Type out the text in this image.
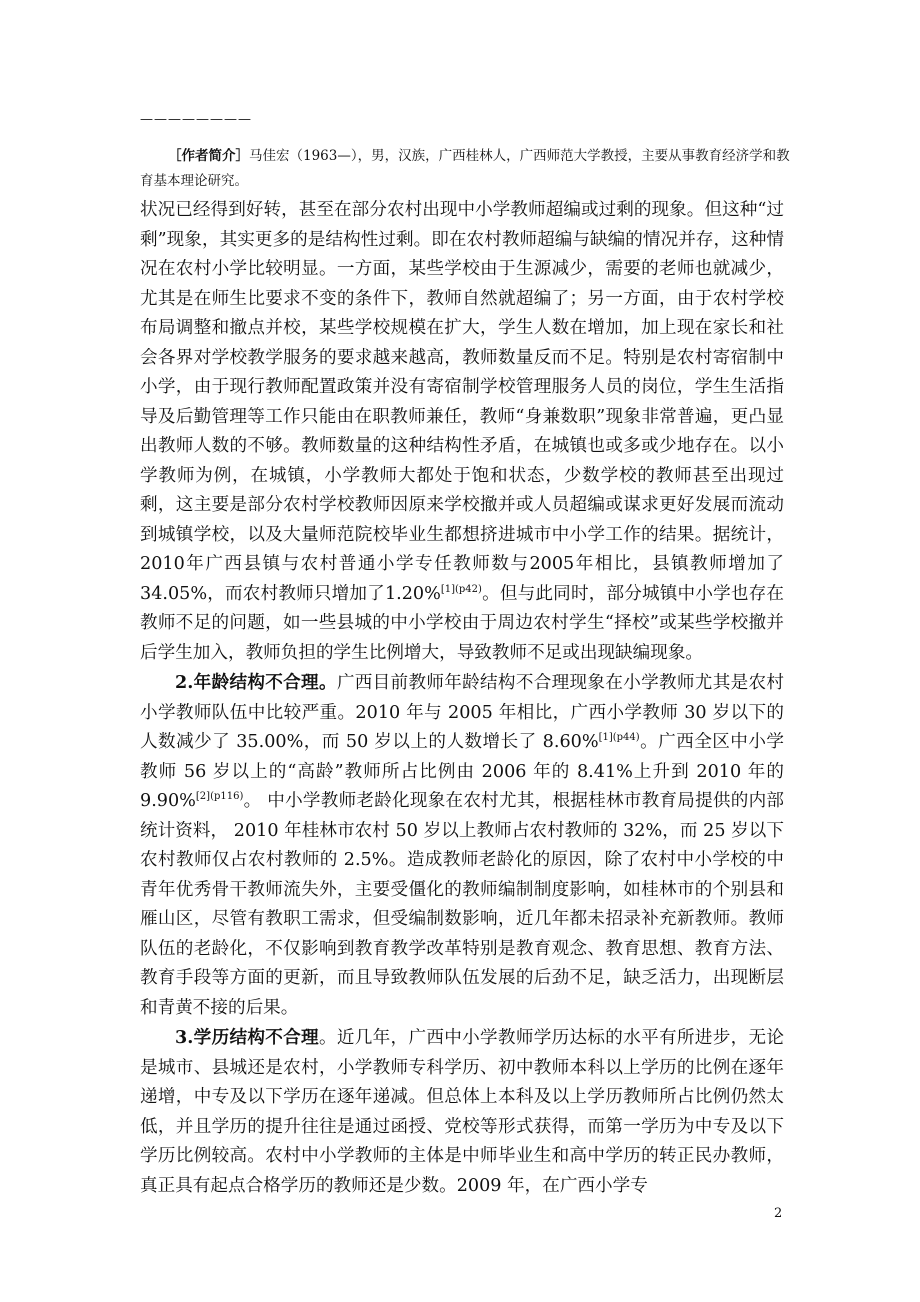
————————
［作者简介］马佳宏（1963—），男，汉族，广西桂林人，广西师范大学教授，主要从事教育经济学和教育基本理论研究。

状况已经得到好转，甚至在部分农村出现中小学教师超编或过剩的现象。但这种“过剩”现象，其实更多的是结构性过剩。即在农村教师超编与缺编的情况并存，这种情况在农村小学比较明显。一方面，某些学校由于生源减少，需要的老师也就减少，尤其是在师生比要求不变的条件下，教师自然就超编了；另一方面，由于农村学校布局调整和撤点并校，某些学校规模在扩大，学生人数在增加，加上现在家长和社会各界对学校教学服务的要求越来越高，教师数量反而不足。特别是农村寄宿制中小学，由于现行教师配置政策并没有寄宿制学校管理服务人员的岗位，学生生活指导及后勤管理等工作只能由在职教师兼任，教师“身兼数职”现象非常普遍，更凸显出教师人数的不够。教师数量的这种结构性矛盾，在城镇也或多或少地存在。以小学教师为例，在城镇，小学教师大都处于饱和状态，少数学校的教师甚至出现过剩，这主要是部分农村学校教师因原来学校撤并或人员超编或谋求更好发展而流动到城镇学校，以及大量师范院校毕业生都想挤进城市中小学工作的结果。据统计，2010年广西县镇与农村普通小学专任教师数与2005年相比，县镇教师增加了34.05%，而农村教师只增加了1.20%$^{[1](p42)}$。但与此同时，部分城镇中小学也存在教师不足的问题，如一些县城的中小学校由于周边农村学生“择校”或某些学校撤并后学生加入，教师负担的学生比例增大，导致教师不足或出现缺编现象。

2.年龄结构不合理。广西目前教师年龄结构不合理现象在小学教师尤其是农村小学教师队伍中比较严重。2010 年与 2005 年相比，广西小学教师 30 岁以下的人数减少了 35.00%，而 50 岁以上的人数增长了 8.60%$^{[1](p44)}$。广西全区中小学教师 56 岁以上的“高龄”教师所占比例由 2006 年的 8.41%上升到 2010 年的9.90%$^{[2](p116)}$。 中小学教师老龄化现象在农村尤其，根据桂林市教育局提供的内部统计资料， 2010 年桂林市农村 50 岁以上教师占农村教师的 32%，而 25 岁以下农村教师仅占农村教师的 2.5%。造成教师老龄化的原因，除了农村中小学校的中青年优秀骨干教师流失外，主要受僵化的教师编制制度影响，如桂林市的个别县和雁山区，尽管有教职工需求，但受编制数影响，近几年都未招录补充新教师。教师队伍的老龄化，不仅影响到教育教学改革特别是教育观念、教育思想、教育方法、教育手段等方面的更新，而且导致教师队伍发展的后劲不足，缺乏活力，出现断层和青黄不接的后果。

3.学历结构不合理。近几年，广西中小学教师学历达标的水平有所进步，无论是城市、县城还是农村，小学教师专科学历、初中教师本科以上学历的比例在逐年递增，中专及以下学历在逐年递减。但总体上本科及以上学历教师所占比例仍然太低，并且学历的提升往往是通过函授、党校等形式获得，而第一学历为中专及以下学历比例较高。农村中小学教师的主体是中师毕业生和高中学历的转正民办教师，真正具有起点合格学历的教师还是少数。2009 年，在广西小学专

2
